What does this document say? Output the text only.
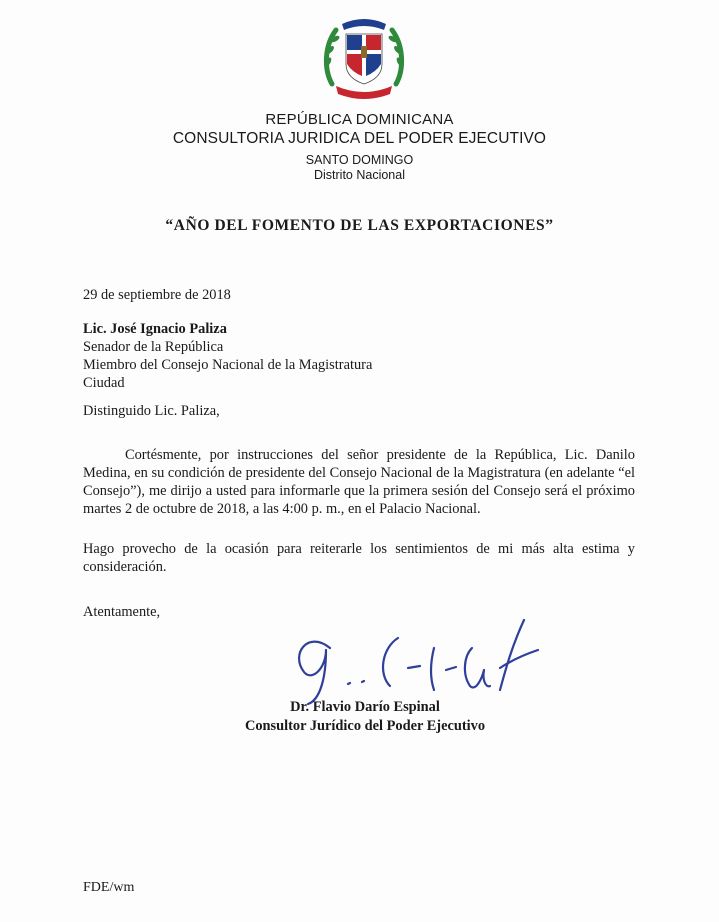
REPÚBLICA DOMINICANA
CONSULTORIA JURIDICA DEL PODER EJECUTIVO
SANTO DOMINGO
Distrito Nacional
“AÑO DEL FOMENTO DE LAS EXPORTACIONES”
29 de septiembre de 2018
Lic. José Ignacio Paliza
Senador de la República
Miembro del Consejo Nacional de la Magistratura
Ciudad
Distinguido Lic. Paliza,
Cortésmente, por instrucciones del señor presidente de la República, Lic. Danilo Medina, en su condición de presidente del Consejo Nacional de la Magistratura (en adelante “el Consejo”), me dirijo a usted para informarle que la primera sesión del Consejo será el próximo martes 2 de octubre de 2018, a las 4:00 p. m., en el Palacio Nacional.
Hago provecho de la ocasión para reiterarle los sentimientos de mi más alta estima y consideración.
Atentamente,
Dr. Flavio Darío Espinal
Consultor Jurídico del Poder Ejecutivo
FDE/wm
